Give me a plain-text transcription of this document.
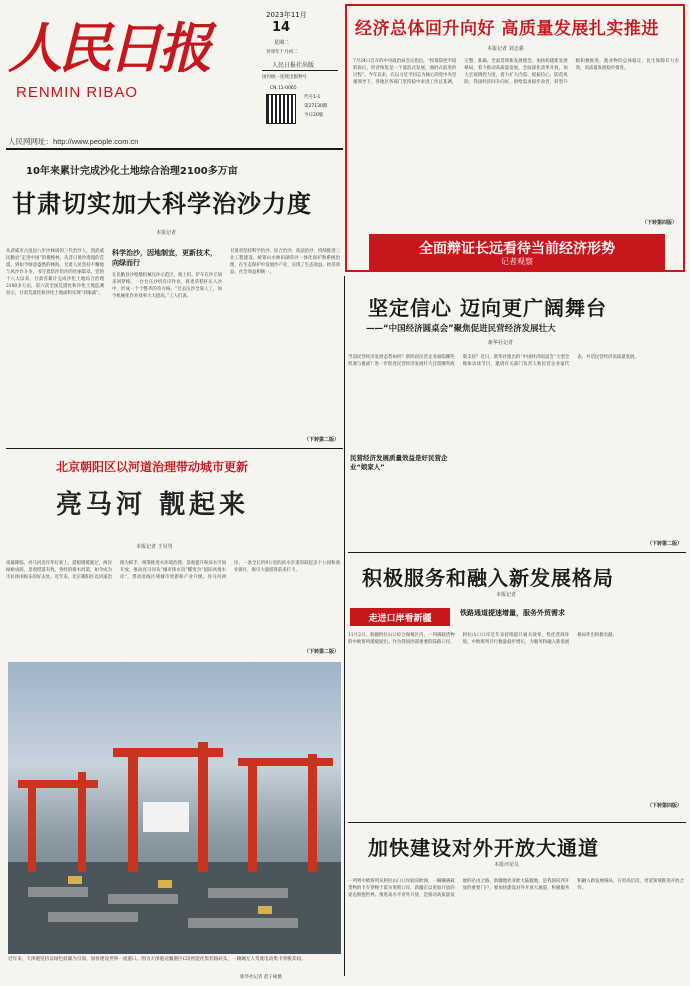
人民日报
RENMIN RIBAO
人民网网址：http://www.people.com.cn
2023年11月
14
星期二
癸卯年十月初二
人民日报社出版
国内统一连续出版物号
CN 11-0065
代号1-1
第27130期
今日20版
经济总体回升向好 高质量发展扎实推进
本报记者 刘志强
7月24日召开的中央政治局会议指出，“疫情防控平稳转段后，经济恢复是一个波浪式发展、曲折式前进的过程”。今年以来，在以习近平同志为核心的党中央坚强领导下，各地区各部门坚持稳中求进工作总基调，完整、准确、全面贯彻新发展理念，加快构建新发展格局，着力推动高质量发展，全面深化改革开放，加大宏观调控力度，着力扩大内需、提振信心、防范风险，我国经济回升向好，供给需求稳步改善，转型升级积极推进，就业物价总体稳定，民生保障有力有效，高质量发展稳步推进。
（下转第四版）
全面辩证长远看待当前经济形势
记者观察
10年来累计完成沙化土地综合治理2100多万亩
甘肃切实加大科学治沙力度
本报记者
从武威市古浪县八步沙林场的三代治沙人，到武威民勤县“走进中国”的梭梭林，从昔日黄沙漫漫的荒漠，到如今绿意盎然的林海，甘肃人民坚持不懈地与风沙作斗争，书写着防沙治沙的壮丽篇章。党的十八大以来，甘肃省累计完成沙化土地综合治理2100多万亩，第六次全国荒漠化和沙化土地监测显示，甘肃荒漠化和沙化土地面积实现“双缩减”。
科学治沙，因地制宜，更新技术，向绿而行
在民勤县沙咀墩机械压沙示范区，推土机、铲车在沙丘间来回穿梭，一台台压沙机有序作业，将麦草秸秆压入沙中，形成一个个整齐的草方格。“过去压沙全靠人工，如今机械化作业效率大大提高。”工人们说。
甘肃省坚持科学治沙、综合治沙、依法治沙，持续推进三北工程建设，统筹山水林田湖草沙一体化保护和系统治理，在生态保护中发展沙产业，实现了生态效益、经济效益、社会效益相统一。
（下转第二版）
北京朝阳区以河道治理带动城市更新
亮马河 靓起来
本报记者 王昊男
夜幕降临，亮马河沿岸华灯初上，游船缓缓驶过，两岸绿树成荫、景观错落有致。曾经的排水河道，如今成为市民休闲娱乐的好去处。近年来，北京朝阳区以河道治理为抓手，统筹推进水环境治理、景观提升和滨水空间开放，推动亮马河从“城市排水沟”蝶变为“国际风情水岸”，带动沿线区域城市更新和产业升级。亮马河两岸，一条全长约9公里的滨水步道串联起多个公园和商业街区，吸引大量游客前来打卡。
（下转第二版）
近年来，天津港坚持以绿色低碳为引领，加快建设世界一流港口。图为天津港北疆港区C段智能化集装箱码头，一辆辆无人驾驶电动集卡穿梭其间。
新华社记者 赵子硕摄
坚定信心 迈向更广阔舞台
——“中国经济圆桌会”聚焦促进民营经济发展壮大
新华社记者
当前民营经济发展态势如何？新阶段民营企业面临哪些机遇与挑战？进一步促进民营经济发展壮大还需哪些政策支持？近日，新华社推出的“中国经济圆桌会”大型全媒体访谈节目，邀请有关部门负责人和民营企业家代表，共话民营经济高质量发展。
民营经济发展质量效益是好民营企业“娘家人”
（下转第二版）
积极服务和融入新发展格局
本报记者
走进口岸看新疆
铁路通道提速增量，服务外贸需求
11月2日，新疆阿拉山口综合保税区内，一列满载货物的中欧班列缓缓驶出。作为我国西部重要的陆路口岸，阿拉山口口岸近年来持续提升通关效率，优化营商环境，中欧班列开行数量稳步增长，为服务和融入新发展格局作出积极贡献。
（下转第四版）
加快建设对外开放大通道
本报评论员
一列列中欧班列从阿拉山口口岸驶向欧洲，一辆辆满载货物的卡车穿梭于霍尔果斯口岸，新疆正以更加开放的姿态拥抱世界。推进高水平对外开放，是推动高质量发展的必由之路。新疆地处亚欧大陆腹地，是我国向西开放的重要门户，要加快建设对外开放大通道，积极服务和融入新发展格局，在更高层次、更宽领域推进开放合作。
